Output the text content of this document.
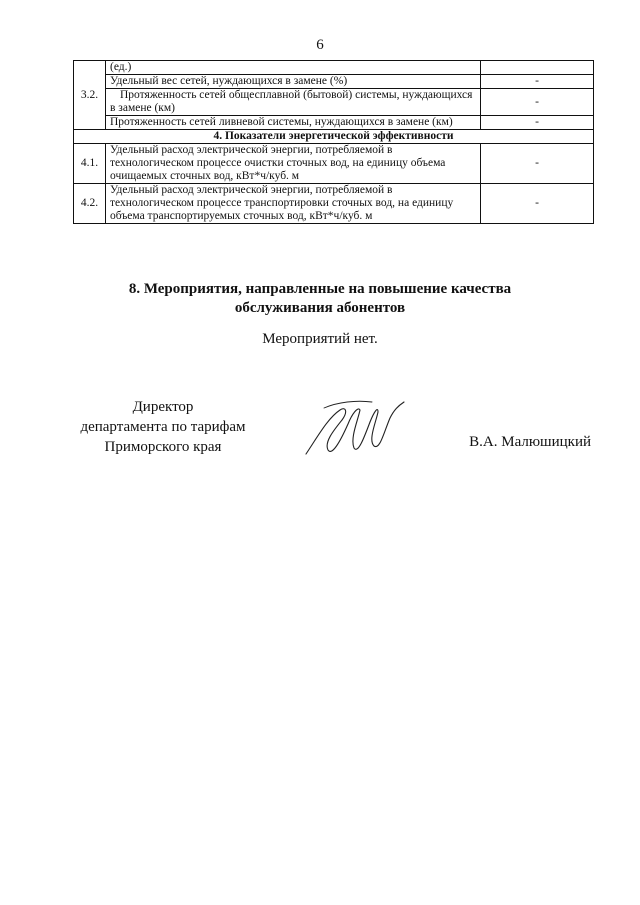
6
3.2.	(ед.)	
	Удельный вес сетей, нуждающихся в замене (%)	-
	Протяженность сетей общесплавной (бытовой) системы, нуждающихся в замене (км)	-
	Протяженность сетей ливневой системы, нуждающихся в замене (км)	-
4. Показатели энергетической эффективности		
4.1.	Удельный расход электрической энергии, потребляемой в технологическом процессе очистки сточных вод, на единицу объема очищаемых сточных вод, кВт*ч/куб. м	-
4.2.	Удельный расход электрической энергии, потребляемой в технологическом процессе транспортировки сточных вод, на единицу объема транспортируемых сточных вод, кВт*ч/куб. м	-
8. Мероприятия, направленные на повышение качества
обслуживания абонентов
Мероприятий нет.
Директор
департамента по тарифам
Приморского края	В.А. Малюшицкий
